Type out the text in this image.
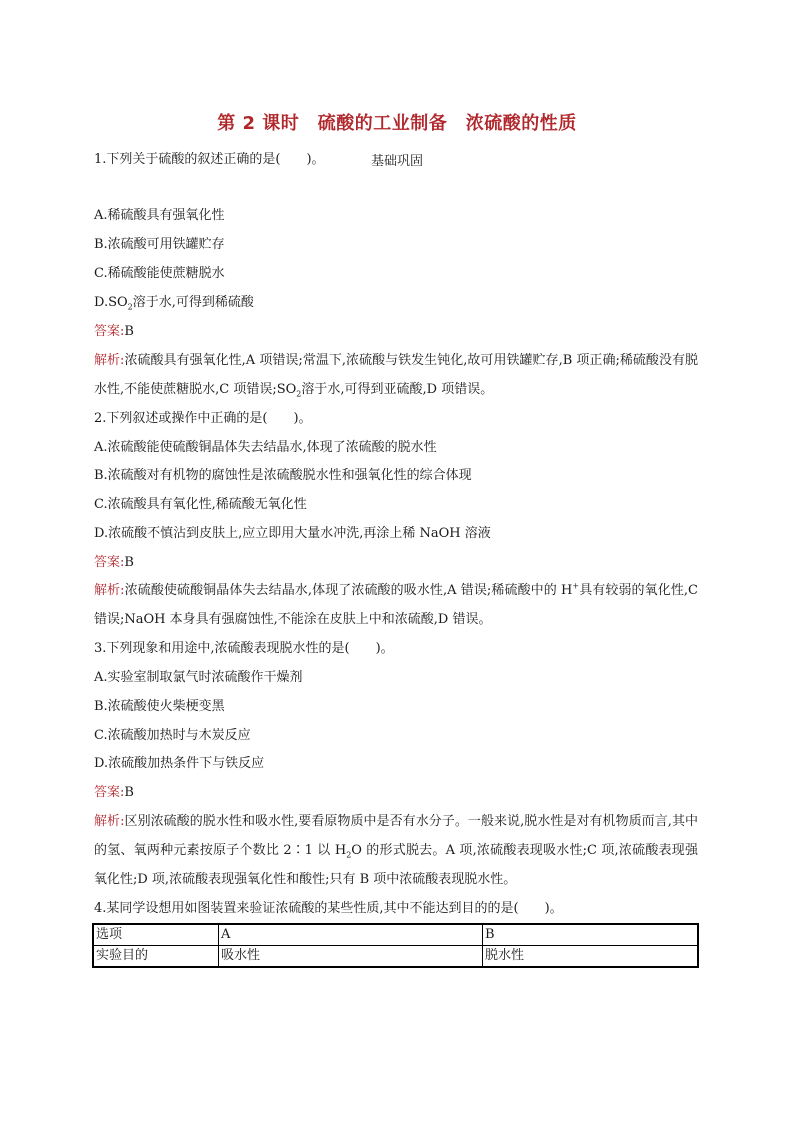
第 2 课时　硫酸的工业制备　浓硫酸的性质
基础巩固
1.下列关于硫酸的叙述正确的是(　　)。
A.稀硫酸具有强氧化性
B.浓硫酸可用铁罐贮存
C.稀硫酸能使蔗糖脱水
$D.SO_2$溶于水,可得到稀硫酸
答案:B
解析:浓硫酸具有强氧化性,A 项错误;常温下,浓硫酸与铁发生钝化,故可用铁罐贮存,B 项正确;稀硫酸没有脱水性,不能使蔗糖脱水,C 项错误$;SO_2$溶于水,可得到亚硫酸,D 项错误。
2.下列叙述或操作中正确的是(　　)。
A.浓硫酸能使硫酸铜晶体失去结晶水,体现了浓硫酸的脱水性
B.浓硫酸对有机物的腐蚀性是浓硫酸脱水性和强氧化性的综合体现
C.浓硫酸具有氧化性,稀硫酸无氧化性
D.浓硫酸不慎沾到皮肤上,应立即用大量水冲洗,再涂上稀 NaOH 溶液
答案:B
解析:浓硫酸使硫酸铜晶体失去结晶水,体现了浓硫酸的吸水性,A 错误;稀硫酸中的 H+具有较弱的氧化性,C 错误;NaOH 本身具有强腐蚀性,不能涂在皮肤上中和浓硫酸,D 错误。
3.下列现象和用途中,浓硫酸表现脱水性的是(　　)。
A.实验室制取氯气时浓硫酸作干燥剂
B.浓硫酸使火柴梗变黑
C.浓硫酸加热时与木炭反应
D.浓硫酸加热条件下与铁反应
答案:B
解析:区别浓硫酸的脱水性和吸水性,要看原物质中是否有水分子。一般来说,脱水性是对有机物质而言,其中的氢、氧两种元素按原子个数比 2∶1 以 $H_2O$ 的形式脱去。A 项,浓硫酸表现吸水性;C 项,浓硫酸表现强氧化性;D 项,浓硫酸表现强氧化性和酸性;只有 B 项中浓硫酸表现脱水性。
4.某同学设想用如图装置来验证浓硫酸的某些性质,其中不能达到目的的是(　　)。
选项	A	B
实验目的	吸水性	脱水性
